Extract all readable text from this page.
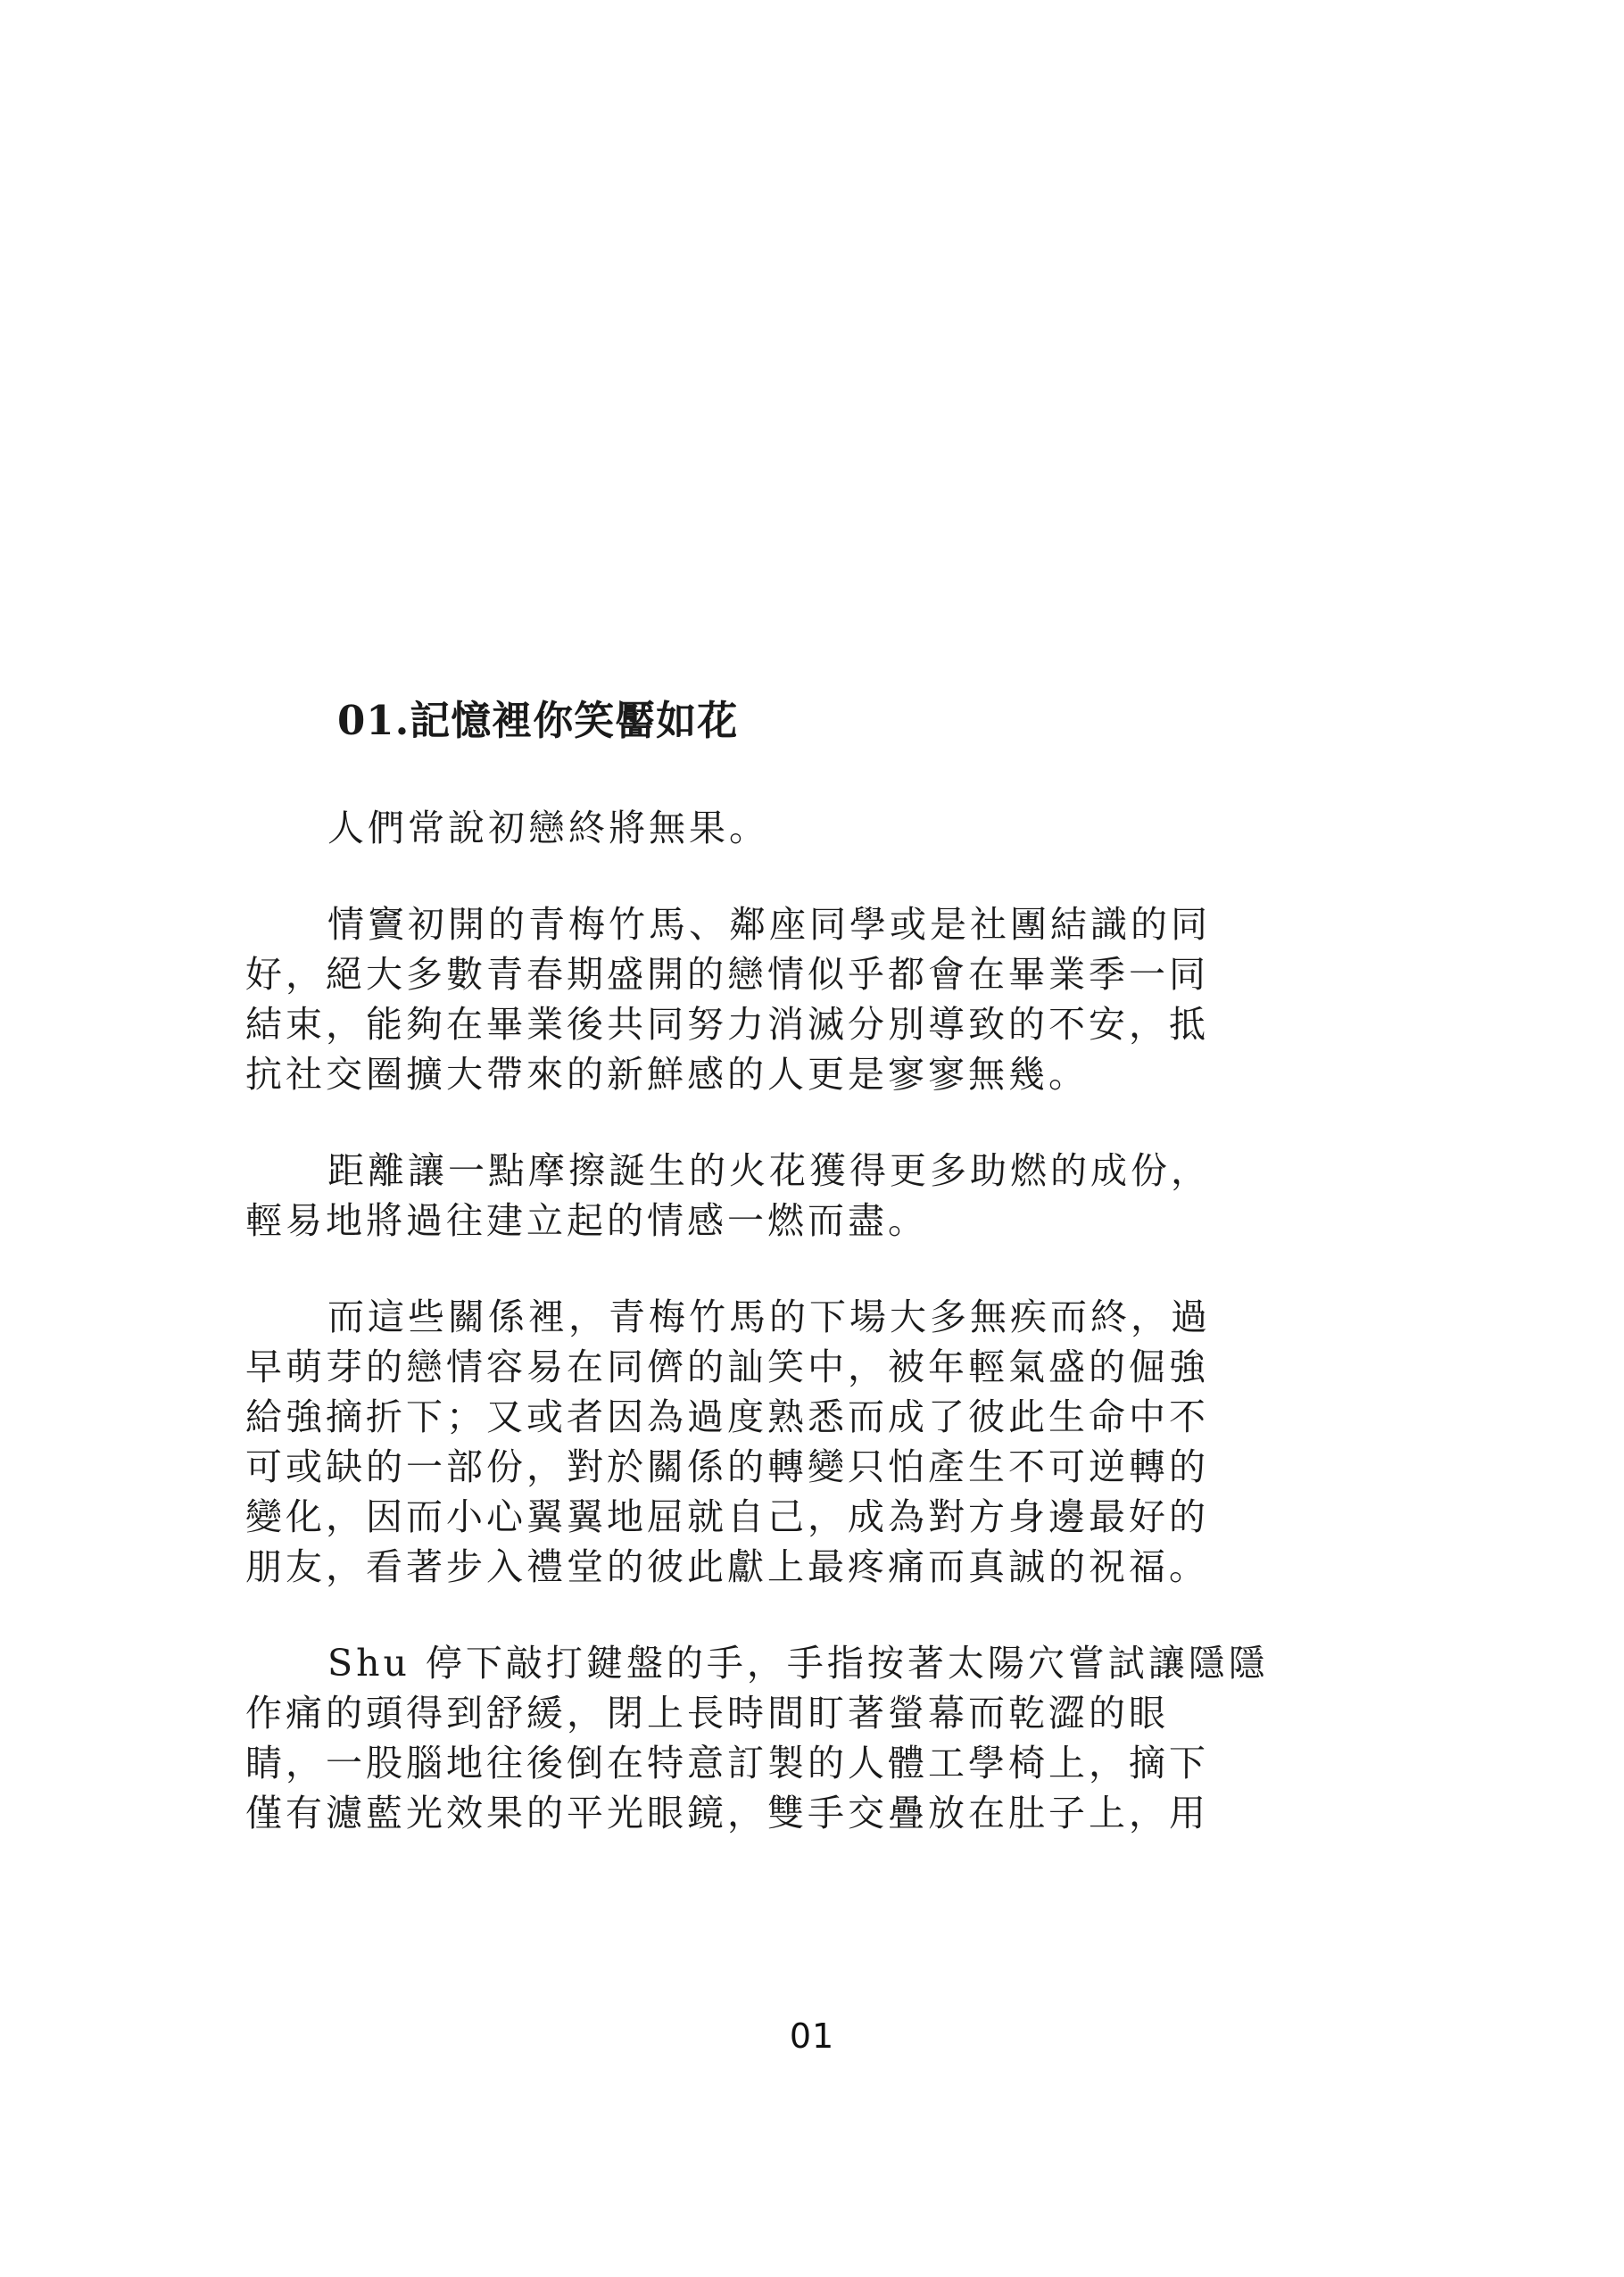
01.記憶裡你笑靨如花

人們常說初戀終將無果。

情竇初開的青梅竹馬、鄰座同學或是社團結識的同
好，絕大多數青春期盛開的戀情似乎都會在畢業季一同
結束，能夠在畢業後共同努力消滅分別導致的不安，抵
抗社交圈擴大帶來的新鮮感的人更是寥寥無幾。

距離讓一點摩擦誕生的火花獲得更多助燃的成份，
輕易地將過往建立起的情感一燃而盡。

而這些關係裡，青梅竹馬的下場大多無疾而終，過
早萌芽的戀情容易在同儕的訕笑中，被年輕氣盛的倔強
給強摘折下；又或者因為過度熟悉而成了彼此生命中不
可或缺的一部份，對於關係的轉變只怕產生不可逆轉的
變化，因而小心翼翼地屈就自己，成為對方身邊最好的
朋友，看著步入禮堂的彼此獻上最疼痛而真誠的祝福。

Shu 停下敲打鍵盤的手，手指按著太陽穴嘗試讓隱隱
作痛的頭得到舒緩，閉上長時間盯著螢幕而乾澀的眼
睛，一股腦地往後倒在特意訂製的人體工學椅上，摘下
僅有濾藍光效果的平光眼鏡，雙手交疊放在肚子上，用

01
